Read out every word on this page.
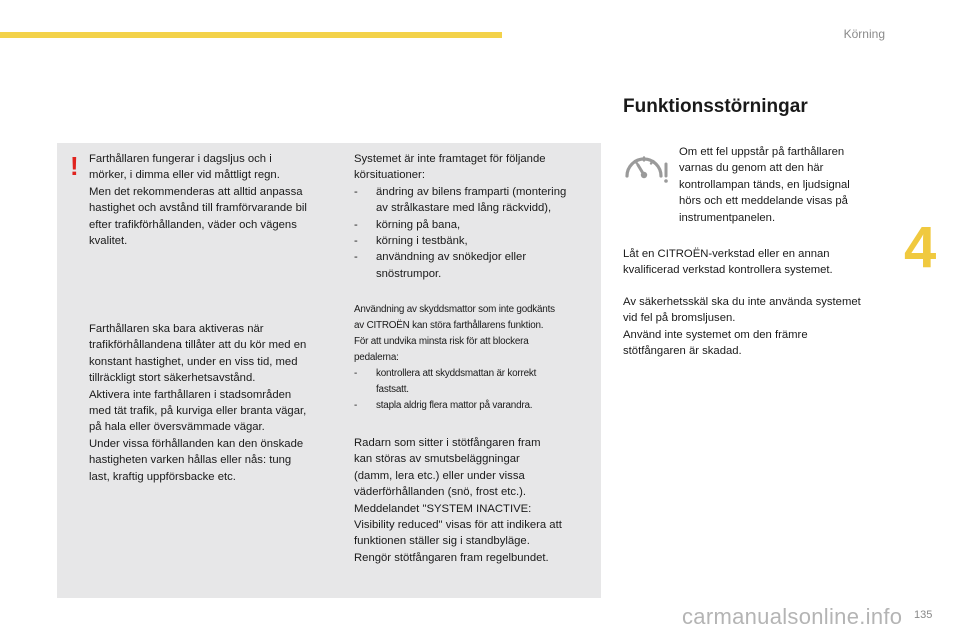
Körning
4
! Farthållaren fungerar i dagsljus och i
mörker, i dimma eller vid måttligt regn.
Men det rekommenderas att alltid anpassa
hastighet och avstånd till framförvarande bil
efter trafikförhållanden, väder och vägens
kvalitet.
Farthållaren ska bara aktiveras när
trafikförhållandena tillåter att du kör med en
konstant hastighet, under en viss tid, med
tillräckligt stort säkerhetsavstånd.
Aktivera inte farthållaren i stadsområden
med tät trafik, på kurviga eller branta vägar,
på hala eller översvämmade vägar.
Under vissa förhållanden kan den önskade
hastigheten varken hållas eller nås: tung
last, kraftig uppförsbacke etc.
Systemet är inte framtaget för följande
körsituationer:
- ändring av bilens framparti (montering
av strålkastare med lång räckvidd),
- körning på bana,
- körning i testbänk,
- användning av snökedjor eller
snöstrumpor.
Användning av skyddsmattor som inte godkänts
av CITROËN kan störa farthållarens funktion.
För att undvika minsta risk för att blockera
pedalerna:
- kontrollera att skyddsmattan är korrekt
fastsatt.
- stapla aldrig flera mattor på varandra.
Radarn som sitter i stötfångaren fram
kan störas av smutsbeläggningar
(damm, lera etc.) eller under vissa
väderförhållanden (snö, frost etc.).
Meddelandet "SYSTEM INACTIVE:
Visibility reduced" visas för att indikera att
funktionen ställer sig i standbyläge.
Rengör stötfångaren fram regelbundet.
Funktionsstörningar
Om ett fel uppstår på farthållaren
varnas du genom att den här
kontrollampan tänds, en ljudsignal
hörs och ett meddelande visas på
instrumentpanelen.
Låt en CITROËN-verkstad eller en annan
kvalificerad verkstad kontrollera systemet.
Av säkerhetsskäl ska du inte använda systemet
vid fel på bromsljusen.
Använd inte systemet om den främre
stötfångaren är skadad.
carmanualsonline.info 135
